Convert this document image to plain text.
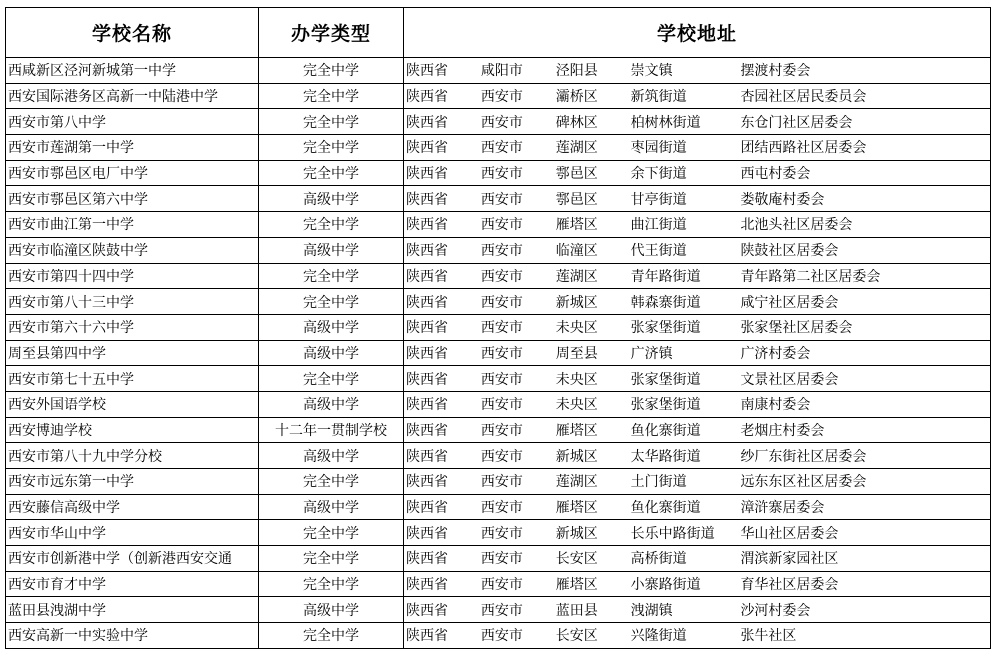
学校名称	办学类型	学校地址
西咸新区泾河新城第一中学	完全中学	陕西省 咸阳市 泾阳县 崇文镇 摆渡村委会

西安国际港务区高新一中陆港中学	完全中学	陕西省 西安市 灞桥区 新筑街道 杏园社区居民委员会

西安市第八中学	完全中学	陕西省 西安市 碑林区 柏树林街道 东仓门社区居委会

西安市莲湖第一中学	完全中学	陕西省 西安市 莲湖区 枣园街道 团结西路社区居委会

西安市鄠邑区电厂中学	完全中学	陕西省 西安市 鄠邑区 余下街道 西屯村委会

西安市鄠邑区第六中学	高级中学	陕西省 西安市 鄠邑区 甘亭街道 娄敬庵村委会

西安市曲江第一中学	完全中学	陕西省 西安市 雁塔区 曲江街道 北池头社区居委会

西安市临潼区陕鼓中学	高级中学	陕西省 西安市 临潼区 代王街道 陕鼓社区居委会

西安市第四十四中学	完全中学	陕西省 西安市 莲湖区 青年路街道 青年路第二社区居委会

西安市第八十三中学	完全中学	陕西省 西安市 新城区 韩森寨街道 咸宁社区居委会

西安市第六十六中学	高级中学	陕西省 西安市 未央区 张家堡街道 张家堡社区居委会

周至县第四中学	高级中学	陕西省 西安市 周至县 广济镇 广济村委会

西安市第七十五中学	完全中学	陕西省 西安市 未央区 张家堡街道 文景社区居委会

西安外国语学校	高级中学	陕西省 西安市 未央区 张家堡街道 南康村委会

西安博迪学校	十二年一贯制学校	陕西省 西安市 雁塔区 鱼化寨街道 老烟庄村委会

西安市第八十九中学分校	高级中学	陕西省 西安市 新城区 太华路街道 纱厂东街社区居委会

西安市远东第一中学	完全中学	陕西省 西安市 莲湖区 土门街道 远东东区社区居委会

西安藤信高级中学	高级中学	陕西省 西安市 雁塔区 鱼化寨街道 漳浒寨居委会

西安市华山中学	完全中学	陕西省 西安市 新城区 长乐中路街道 华山社区居委会

西安市创新港中学（创新港西安交通	完全中学	陕西省 西安市 长安区 高桥街道 渭滨新家园社区

西安市育才中学	完全中学	陕西省 西安市 雁塔区 小寨路街道 育华社区居委会

蓝田县洩湖中学	高级中学	陕西省 西安市 蓝田县 洩湖镇 沙河村委会

西安高新一中实验中学	完全中学	陕西省 西安市 长安区 兴隆街道 张牛社区
